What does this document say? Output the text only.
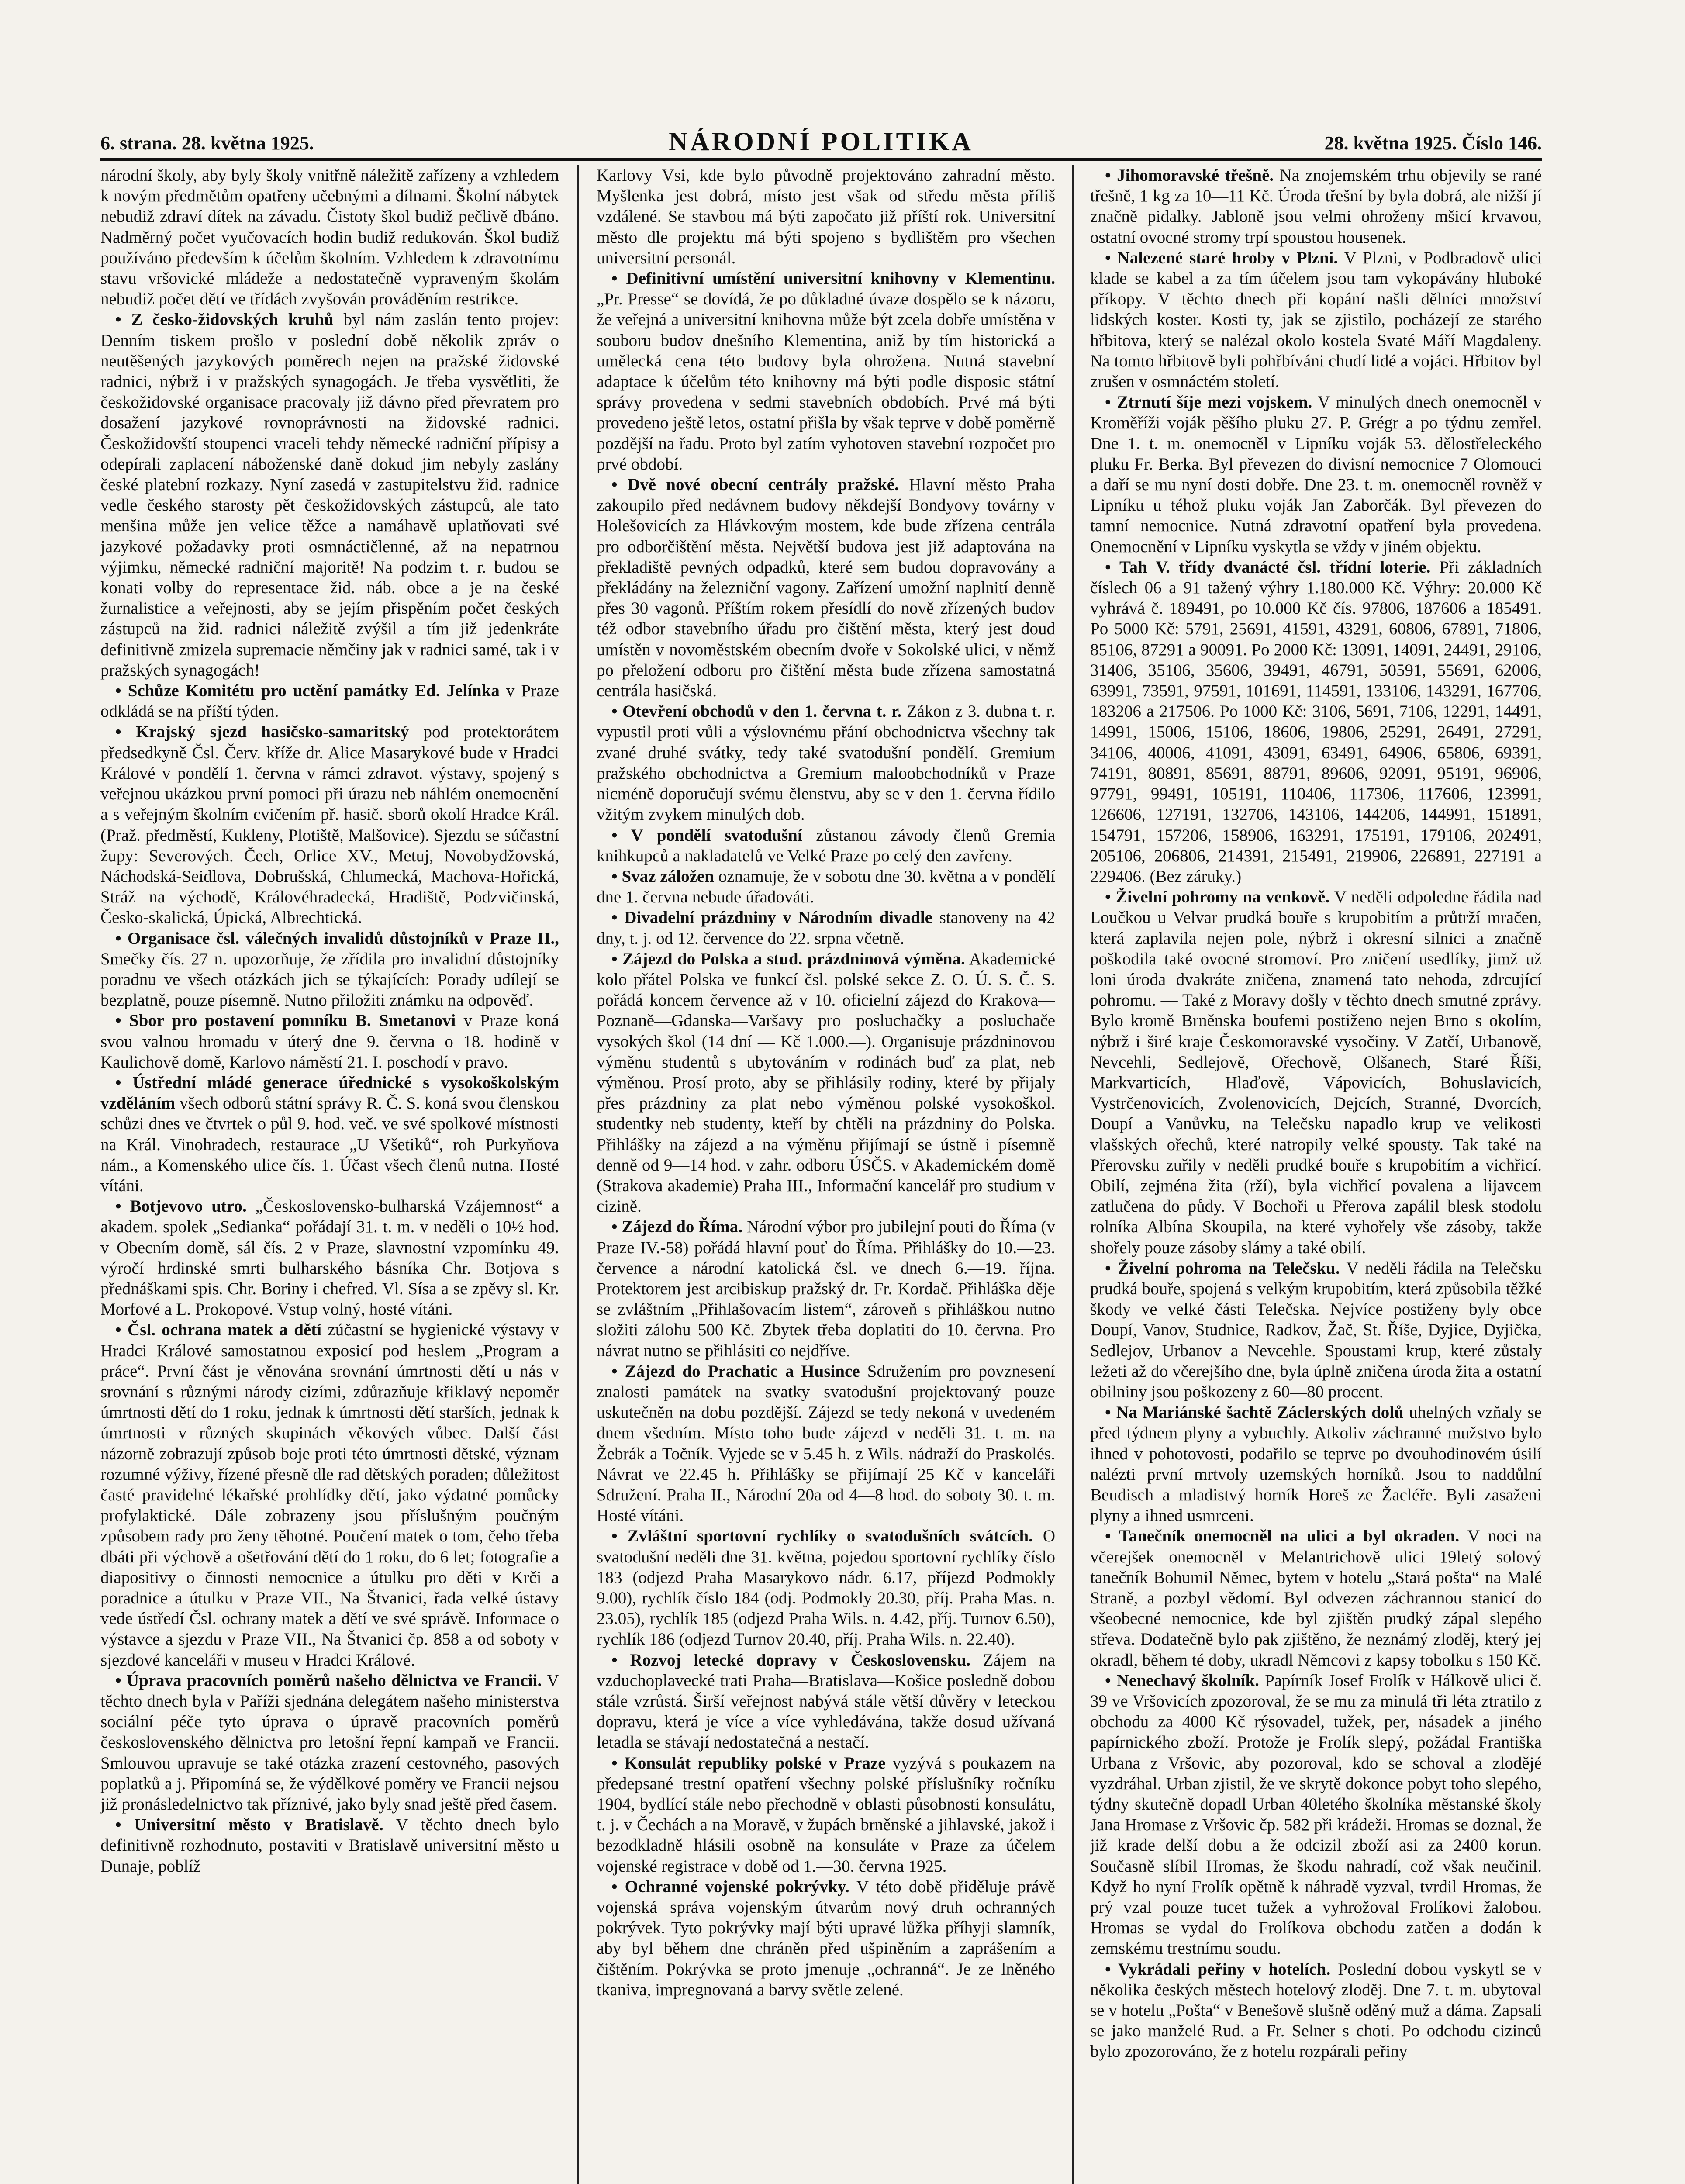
6. strana. 28. května 1925.	NÁRODNÍ POLITIKA	28. května 1925. Číslo 146.

národní školy, aby byly školy vnitřně náležitě zařízeny a vzhledem k novým předmětům opatřeny učebnými a dílnami. Školní nábytek nebudiž zdraví dítek na závadu. Čistoty škol budiž pečlivě dbáno. Nadměrný počet vyučovacích hodin budiž redukován. Škol budiž používáno především k účelům školním. Vzhledem k zdravotnímu stavu vršovické mládeže a nedostatečně vypraveným školám nebudiž počet dětí ve třídách zvyšován prováděním restrikce.

• Z česko-židovských kruhů byl nám zaslán tento projev: Denním tiskem prošlo v poslední době několik zpráv o neutěšených jazykových poměrech nejen na pražské židovské radnici, nýbrž i v pražských synagogách. Je třeba vysvětliti, že českožidovské organisace pracovaly již dávno před převratem pro dosažení jazykové rovnoprávnosti na židovské radnici. Českožidovští stoupenci vraceli tehdy německé radniční přípisy a odepírali zaplacení náboženské daně dokud jim nebyly zaslány české platební rozkazy. Nyní zasedá v zastupitelstvu žid. radnice vedle českého starosty pět českožidovských zástupců, ale tato menšina může jen velice těžce a namáhavě uplatňovati své jazykové požadavky proti osmnáctičlenné, až na nepatrnou výjimku, německé radniční majoritě! Na podzim t. r. budou se konati volby do representace žid. náb. obce a je na české žurnalistice a veřejnosti, aby se jejím přispěním počet českých zástupců na žid. radnici náležitě zvýšil a tím již jedenkráte definitivně zmizela supremacie němčiny jak v radnici samé, tak i v pražských synagogách!

• Schůze Komitétu pro uctění památky Ed. Jelínka v Praze odkládá se na příští týden.

• Krajský sjezd hasičsko-samaritský pod protektorátem předsedkyně Čsl. Červ. kříže dr. Alice Masarykové bude v Hradci Králové v pondělí 1. června v rámci zdravot. výstavy, spojený s veřejnou ukázkou první pomoci při úrazu neb náhlém onemocnění a s veřejným školním cvičením př. hasič. sborů okolí Hradce Král. (Praž. předměstí, Kukleny, Plotiště, Malšovice). Sjezdu se súčastní župy: Severových. Čech, Orlice XV., Metuj, Novobydžovská, Náchodská-Seidlova, Dobrušská, Chlumecká, Machova-Hořická, Stráž na východě, Královéhradecká, Hradiště, Podzvičinská, Česko-skalická, Úpická, Albrechtická.

• Organisace čsl. válečných invalidů důstojníků v Praze II., Smečky čís. 27 n. upozorňuje, že zřídila pro invalidní důstojníky poradnu ve všech otázkách jich se týkajících: Porady udílejí se bezplatně, pouze písemně. Nutno přiložiti známku na odpověď.

• Sbor pro postavení pomníku B. Smetanovi v Praze koná svou valnou hromadu v úterý dne 9. června o 18. hodině v Kaulichově domě, Karlovo náměstí 21. I. poschodí v pravo.

• Ústřední mládé generace úřednické s vysokoškolským vzděláním všech odborů státní správy R. Č. S. koná svou členskou schůzi dnes ve čtvrtek o půl 9. hod. več. ve své spolkové místnosti na Král. Vinohradech, restaurace „U Všetiků“, roh Purkyňova nám., a Komenského ulice čís. 1. Účast všech členů nutna. Hosté vítáni.

• Botjevovo utro. „Československo-bulharská Vzájemnost“ a akadem. spolek „Sedianka“ pořádají 31. t. m. v neděli o 10½ hod. v Obecním domě, sál čís. 2 v Praze, slavnostní vzpomínku 49. výročí hrdinské smrti bulharského básníka Chr. Botjova s přednáškami spis. Chr. Boriny i chefred. Vl. Sísa a se zpěvy sl. Kr. Morfové a L. Prokopové. Vstup volný, hosté vítáni.

• Čsl. ochrana matek a dětí zúčastní se hygienické výstavy v Hradci Králové samostatnou exposicí pod heslem „Program a práce“. První část je věnována srovnání úmrtnosti dětí u nás v srovnání s různými národy cizími, zdůrazňuje křiklavý nepoměr úmrtnosti dětí do 1 roku, jednak k úmrtnosti dětí starších, jednak k úmrtnosti v různých skupinách věkových vůbec. Další část názorně zobrazují způsob boje proti této úmrtnosti dětské, význam rozumné výživy, řízené přesně dle rad dětských poraden; důležitost časté pravidelné lékařské prohlídky dětí, jako výdatné pomůcky profylaktické. Dále zobrazeny jsou příslušným poučným způsobem rady pro ženy těhotné. Poučení matek o tom, čeho třeba dbáti při výchově a ošetřování dětí do 1 roku, do 6 let; fotografie a diapositivy o činnosti nemocnice a útulku pro děti v Krči a poradnice a útulku v Praze VII., Na Štvanici, řada velké ústavy vede ústředí Čsl. ochrany matek a dětí ve své správě. Informace o výstavce a sjezdu v Praze VII., Na Štvanici čp. 858 a od soboty v sjezdové kanceláři v museu v Hradci Králové.

• Úprava pracovních poměrů našeho dělnictva ve Francii. V těchto dnech byla v Paříži sjednána delegátem našeho ministerstva sociální péče tyto úprava o úpravě pracovních poměrů československého dělnictva pro letošní řepní kampaň ve Francii. Smlouvou upravuje se také otázka zrazení cestovného, pasových poplatků a j. Připomíná se, že výdělkové poměry ve Francii nejsou již pronásledelnictvo tak příznivé, jako byly snad ještě před časem.

• Universitní město v Bratislavě. V těchto dnech bylo definitivně rozhodnuto, postaviti v Bratislavě universitní město u Dunaje, poblíž

Karlovy Vsi, kde bylo původně projektováno zahradní město. Myšlenka jest dobrá, místo jest však od středu města příliš vzdálené. Se stavbou má býti započato již příští rok. Universitní město dle projektu má býti spojeno s bydlištěm pro všechen universitní personál.

• Definitivní umístění universitní knihovny v Klementinu. „Pr. Presse“ se dovídá, že po důkladné úvaze dospělo se k názoru, že veřejná a universitní knihovna může být zcela dobře umístěna v souboru budov dnešního Klementina, aniž by tím historická a umělecká cena této budovy byla ohrožena. Nutná stavební adaptace k účelům této knihovny má býti podle disposic státní správy provedena v sedmi stavebních obdobích. Prvé má býti provedeno ještě letos, ostatní přišla by však teprve v době poměrně pozdější na řadu. Proto byl zatím vyhotoven stavební rozpočet pro prvé období.

• Dvě nové obecní centrály pražské. Hlavní město Praha zakoupilo před nedávnem budovy někdejší Bondyovy továrny v Holešovicích za Hlávkovým mostem, kde bude zřízena centrála pro odborčištění města. Největší budova jest již adaptována na překladiště pevných odpadků, které sem budou dopravovány a překládány na železniční vagony. Zařízení umožní naplnití denně přes 30 vagonů. Příštím rokem přesídlí do nově zřízených budov též odbor stavebního úřadu pro čištění města, který jest doud umístěn v novoměstském obecním dvoře v Sokolské ulici, v němž po přeložení odboru pro čištění města bude zřízena samostatná centrála hasičská.

• Otevření obchodů v den 1. června t. r. Zákon z 3. dubna t. r. vypustil proti vůli a výslovnému přání obchodnictva všechny tak zvané druhé svátky, tedy také svatodušní pondělí. Gremium pražského obchodnictva a Gremium maloobchodníků v Praze nicméně doporučují svému členstvu, aby se v den 1. června řídilo vžitým zvykem minulých dob.

• V pondělí svatodušní zůstanou závody členů Gremia knihkupců a nakladatelů ve Velké Praze po celý den zavřeny.

• Svaz záložen oznamuje, že v sobotu dne 30. května a v pondělí dne 1. června nebude úřadováti.

• Divadelní prázdniny v Národním divadle stanoveny na 42 dny, t. j. od 12. července do 22. srpna včetně.

• Zájezd do Polska a stud. prázdninová výměna. Akademické kolo přátel Polska ve funkcí čsl. polské sekce Z. O. Ú. S. Č. S. pořádá koncem července až v 10. oficielní zájezd do Krakova—Poznaně—Gdanska—Varšavy pro posluchačky a posluchače vysokých škol (14 dní — Kč 1.000.—). Organisuje prázdninovou výměnu studentů s ubytováním v rodinách buď za plat, neb výměnou. Prosí proto, aby se přihlásily rodiny, které by přijaly přes prázdniny za plat nebo výměnou polské vysokoškol. studentky neb studenty, kteří by chtěli na prázdniny do Polska. Přihlášky na zájezd a na výměnu přijímají se ústně i písemně denně od 9—14 hod. v zahr. odboru ÚSČS. v Akademickém domě (Strakova akademie) Praha III., Informační kancelář pro studium v cizině.

• Zájezd do Říma. Národní výbor pro jubilejní pouti do Říma (v Praze IV.-58) pořádá hlavní pouť do Říma. Přihlášky do 10.—23. července a národní katolická čsl. ve dnech 6.—19. října. Protektorem jest arcibiskup pražský dr. Fr. Kordač. Přihláška děje se zvláštním „Přihlašovacím listem“, zároveň s přihláškou nutno složiti zálohu 500 Kč. Zbytek třeba doplatiti do 10. června. Pro návrat nutno se přihlásiti co nejdříve.

• Zájezd do Prachatic a Husince Sdružením pro povznesení znalosti památek na svatky svatodušní projektovaný pouze uskutečněn na dobu pozdější. Zájezd se tedy nekoná v uvedeném dnem všedním. Místo toho bude zájezd v neděli 31. t. m. na Žebrák a Točník. Vyjede se v 5.45 h. z Wils. nádraží do Praskolés. Návrat ve 22.45 h. Přihlášky se přijímají 25 Kč v kanceláři Sdružení. Praha II., Národní 20a od 4—8 hod. do soboty 30. t. m. Hosté vítáni.

• Zvláštní sportovní rychlíky o svatodušních svátcích. O svatodušní neděli dne 31. května, pojedou sportovní rychlíky číslo 183 (odjezd Praha Masarykovo nádr. 6.17, příjezd Podmokly 9.00), rychlík číslo 184 (odj. Podmokly 20.30, příj. Praha Mas. n. 23.05), rychlík 185 (odjezd Praha Wils. n. 4.42, příj. Turnov 6.50), rychlík 186 (odjezd Turnov 20.40, příj. Praha Wils. n. 22.40).

• Rozvoj letecké dopravy v Československu. Zájem na vzduchoplavecké trati Praha—Bratislava—Košice posledně dobou stále vzrůstá. Širší veřejnost nabývá stále větší důvěry v leteckou dopravu, která je více a více vyhledávána, takže dosud užívaná letadla se stávají nedostatečná a nestačí.

• Konsulát republiky polské v Praze vyzývá s poukazem na předepsané trestní opatření všechny polské příslušníky ročníku 1904, bydlící stále nebo přechodně v oblasti působnosti konsulátu, t. j. v Čechách a na Moravě, v župách brněnské a jihlavské, jakož i bezodkladně hlásili osobně na konsuláte v Praze za účelem vojenské registrace v době od 1.—30. června 1925.

• Ochranné vojenské pokrývky. V této době přiděluje právě vojenská správa vojenským útvarům nový druh ochranných pokrývek. Tyto pokrývky mají býti upravé lůžka příhyji slamník, aby byl během dne chráněn před ušpiněním a zaprášením a čištěním. Pokrývka se proto jmenuje „ochranná“. Je ze lněného tkaniva, impregnovaná a barvy světle zelené.

• Jihomoravské třešně. Na znojemském trhu objevily se rané třešně, 1 kg za 10—11 Kč. Úroda třešní by byla dobrá, ale nižší jí značně pidalky. Jabloně jsou velmi ohroženy mšicí krvavou, ostatní ovocné stromy trpí spoustou housenek.

• Nalezené staré hroby v Plzni. V Plzni, v Podbradově ulici klade se kabel a za tím účelem jsou tam vykopávány hluboké příkopy. V těchto dnech při kopání našli dělníci množství lidských koster. Kosti ty, jak se zjistilo, pocházejí ze starého hřbitova, který se nalézal okolo kostela Svaté Máří Magdaleny. Na tomto hřbitově byli pohřbíváni chudí lidé a vojáci. Hřbitov byl zrušen v osmnáctém století.

• Ztrnutí šíje mezi vojskem. V minulých dnech onemocněl v Kroměříži voják pěšího pluku 27. P. Grégr a po týdnu zemřel. Dne 1. t. m. onemocněl v Lipníku voják 53. dělostřeleckého pluku Fr. Berka. Byl převezen do divisní nemocnice 7 Olomouci a daří se mu nyní dosti dobře. Dne 23. t. m. onemocněl rovněž v Lipníku u téhož pluku voják Jan Zaborčák. Byl převezen do tamní nemocnice. Nutná zdravotní opatření byla provedena. Onemocnění v Lipníku vyskytla se vždy v jiném objektu.

• Tah V. třídy dvanácté čsl. třídní loterie. Při základních číslech 06 a 91 tažený výhry 1.180.000 Kč. Výhry: 20.000 Kč vyhrává č. 189491, po 10.000 Kč čís. 97806, 187606 a 185491. Po 5000 Kč: 5791, 25691, 41591, 43291, 60806, 67891, 71806, 85106, 87291 a 90091. Po 2000 Kč: 13091, 14091, 24491, 29106, 31406, 35106, 35606, 39491, 46791, 50591, 55691, 62006, 63991, 73591, 97591, 101691, 114591, 133106, 143291, 167706, 183206 a 217506. Po 1000 Kč: 3106, 5691, 7106, 12291, 14491, 14991, 15006, 15106, 18606, 19806, 25291, 26491, 27291, 34106, 40006, 41091, 43091, 63491, 64906, 65806, 69391, 74191, 80891, 85691, 88791, 89606, 92091, 95191, 96906, 97791, 99491, 105191, 110406, 117306, 117606, 123991, 126606, 127191, 132706, 143106, 144206, 144991, 151891, 154791, 157206, 158906, 163291, 175191, 179106, 202491, 205106, 206806, 214391, 215491, 219906, 226891, 227191 a 229406. (Bez záruky.)

• Živelní pohromy na venkově. V neděli odpoledne řádila nad Loučkou u Velvar prudká bouře s krupobitím a průtrží mračen, která zaplavila nejen pole, nýbrž i okresní silnici a značně poškodila také ovocné stromoví. Pro zničení usedlíky, jimž už loni úroda dvakráte zničena, znamená tato nehoda, zdrcující pohromu. — Také z Moravy došly v těchto dnech smutné zprávy. Bylo kromě Brněnska boufemi postiženo nejen Brno s okolím, nýbrž i širé kraje Českomoravské vysočiny. V Zatčí, Urbanově, Nevcehli, Sedlejově, Ořechově, Olšanech, Staré Říši, Markvarticích, Hlaďově, Vápovicích, Bohuslavicích, Vystrčenovicích, Zvolenovicích, Dejcích, Stranné, Dvorcích, Doupí a Vanůvku, na Telečsku napadlo krup ve velikosti vlašských ořechů, které natropily velké spousty. Tak také na Přerovsku zuřily v neděli prudké bouře s krupobitím a vichřicí. Obilí, zejména žita (rží), byla vichřicí povalena a lijavcem zatlučena do půdy. V Bochoři u Přerova zapálil blesk stodolu rolníka Albína Skoupila, na které vyhořely vše zásoby, takže shořely pouze zásoby slámy a také obilí.

• Živelní pohroma na Telečsku. V neděli řádila na Telečsku prudká bouře, spojená s velkým krupobitím, která způsobila těžké škody ve velké části Telečska. Nejvíce postiženy byly obce Doupí, Vanov, Studnice, Radkov, Žač, St. Říše, Dyjice, Dyjička, Sedlejov, Urbanov a Nevcehle. Spoustami krup, které zůstaly ležeti až do včerejšího dne, byla úplně zničena úroda žita a ostatní obilniny jsou poškozeny z 60—80 procent.

• Na Mariánské šachtě Záclerských dolů uhelných vzňaly se před týdnem plyny a vybuchly. Atkoliv záchranné mužstvo bylo ihned v pohotovosti, podařilo se teprve po dvouhodinovém úsilí nalézti první mrtvoly uzemských horníků. Jsou to naddůlní Beudisch a mladistvý horník Horeš ze Žacléře. Byli zasaženi plyny a ihned usmrceni.

• Tanečník onemocněl na ulici a byl okraden. V noci na včerejšek onemocněl v Melantrichově ulici 19letý solový tanečník Bohumil Němec, bytem v hotelu „Stará pošta“ na Malé Straně, a pozbyl vědomí. Byl odvezen záchrannou stanicí do všeobecné nemocnice, kde byl zjištěn prudký zápal slepého střeva. Dodatečně bylo pak zjištěno, že neznámý zloděj, který jej okradl, během té doby, ukradl Němcovi z kapsy tobolku s 150 Kč.

• Nenechavý školník. Papírník Josef Frolík v Hálkově ulici č. 39 ve Vršovicích zpozoroval, že se mu za minulá tři léta ztratilo z obchodu za 4000 Kč rýsovadel, tužek, per, násadek a jiného papírnického zboží. Protože je Frolík slepý, požádal Františka Urbana z Vršovic, aby pozoroval, kdo se schoval a zlodějé vyzdráhal. Urban zjistil, že ve skrytě dokonce pobyt toho slepého, týdny skutečně dopadl Urban 40letého školníka městanské školy Jana Hromase z Vršovic čp. 582 při krádeži. Hromas se doznal, že již krade delší dobu a že odcizil zboží asi za 2400 korun. Současně slíbil Hromas, že škodu nahradí, což však neučinil. Když ho nyní Frolík opětně k náhradě vyzval, tvrdil Hromas, že prý vzal pouze tucet tužek a vyhrožoval Frolíkovi žalobou. Hromas se vydal do Frolíkova obchodu zatčen a dodán k zemskému trestnímu soudu.

• Vykrádali peřiny v hotelích. Poslední dobou vyskytl se v několika českých městech hotelový zloděj. Dne 7. t. m. ubytoval se v hotelu „Pošta“ v Benešově slušně oděný muž a dáma. Zapsali se jako manželé Rud. a Fr. Selner s choti. Po odchodu cizinců bylo zpozorováno, že z hotelu rozpárali peřiny
